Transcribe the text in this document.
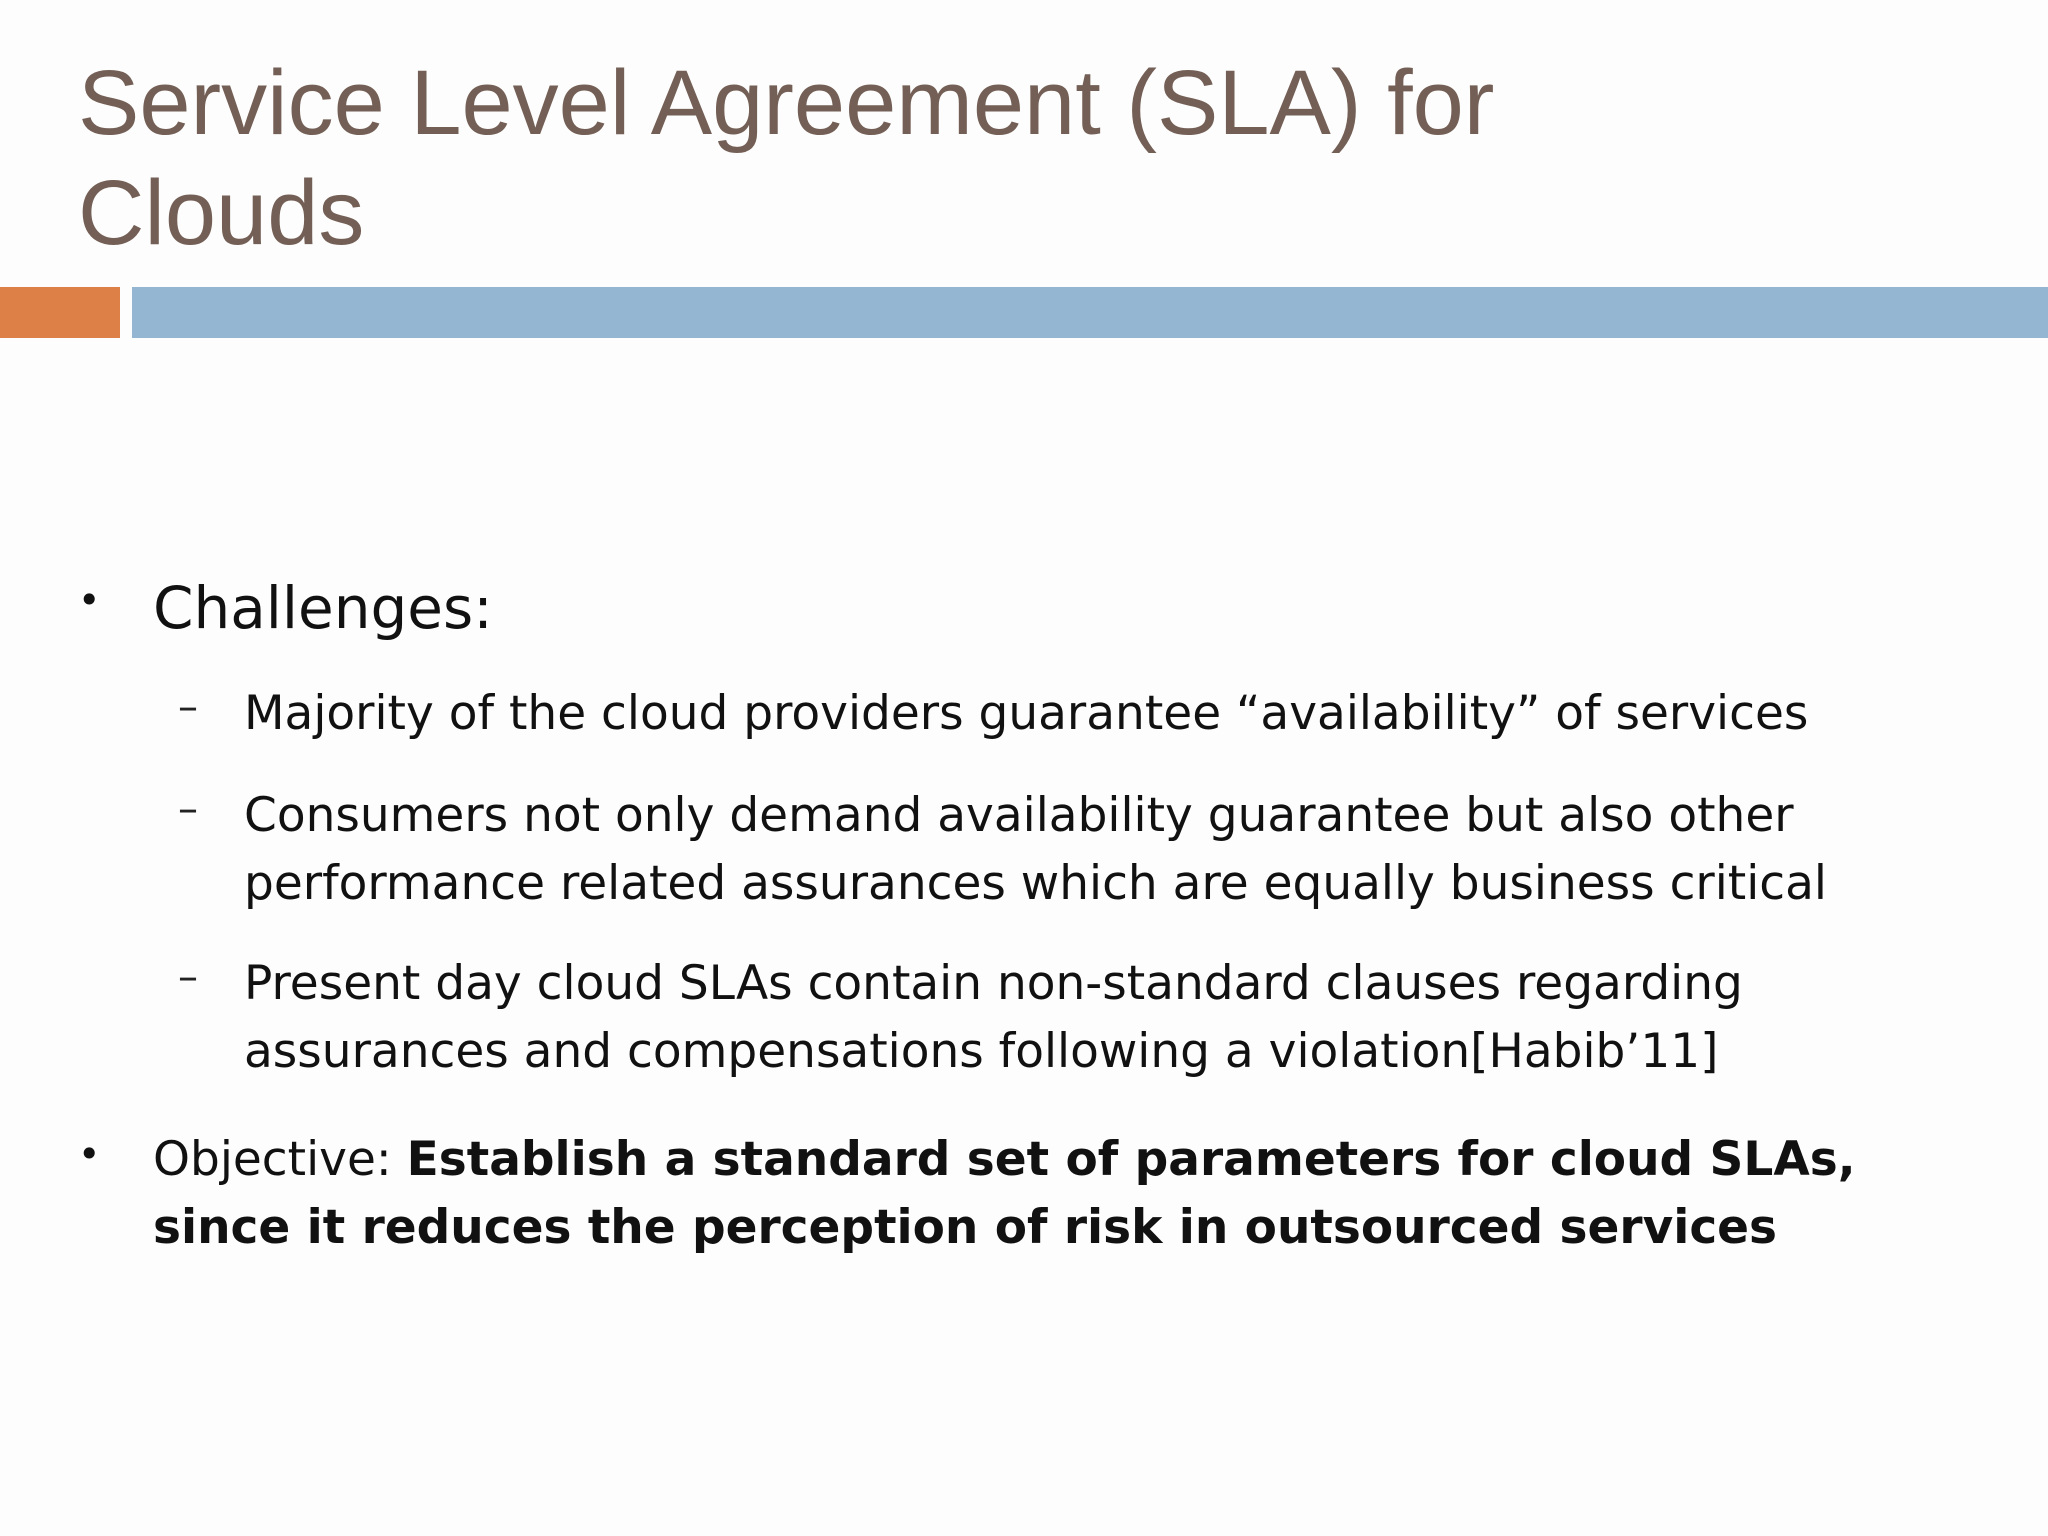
Service Level Agreement (SLA) for Clouds
• Challenges:
– Majority of the cloud providers guarantee “availability” of services
– Consumers not only demand availability guarantee but also other performance related assurances which are equally business critical
– Present day cloud SLAs contain non-standard clauses regarding assurances and compensations following a violation[Habib’11]
• Objective: Establish a standard set of parameters for cloud SLAs, since it reduces the perception of risk in outsourced services
